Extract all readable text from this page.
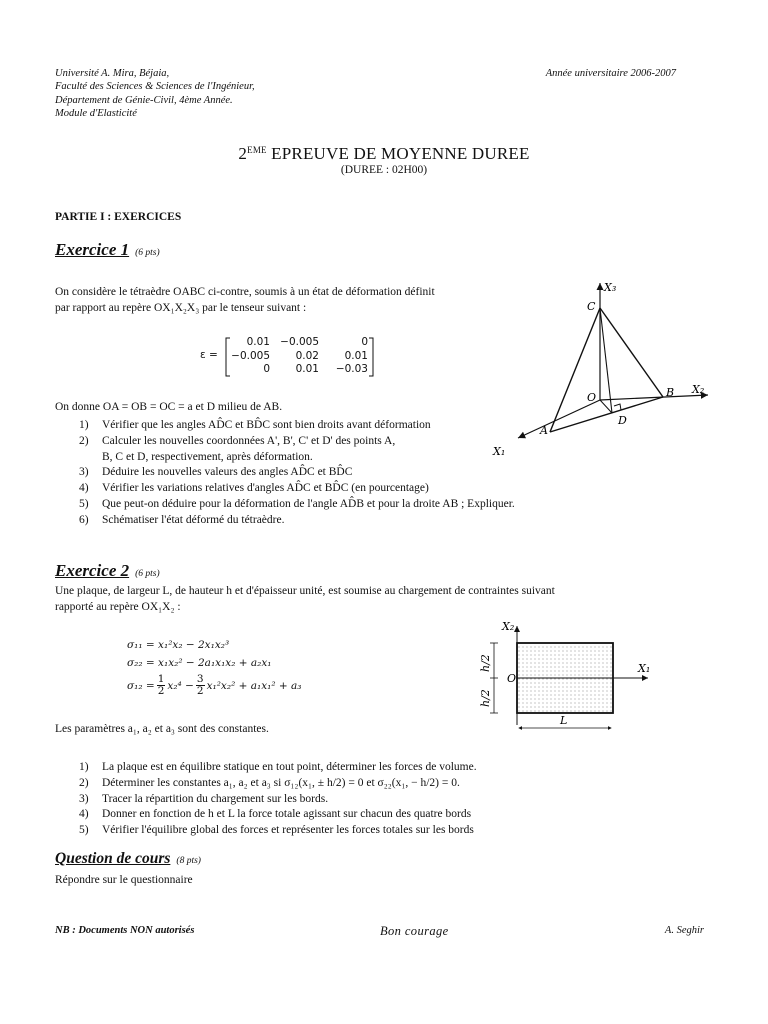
Université A. Mira, Béjaia,
Faculté des Sciences & Sciences de l'Ingénieur,
Département de Génie-Civil, 4ème Année.
Module d'Elasticité
Année universitaire 2006-2007
2EME EPREUVE DE MOYENNE DUREE
(DUREE : 02H00)
PARTIE I : EXERCICES
Exercice 1 (6 pts)
On considère le tétraèdre OABC ci-contre, soumis à un état de déformation définit
par rapport au repère OX₁X₂X₃ par le tenseur suivant :
ε =
0.01 −0.005	0
−0.005	0.02	0.01
0	0.01	−0.03
On donne OA = OB = OC = a et D milieu de AB.
1) Vérifier que les angles AD̂C et BD̂C sont bien droits avant déformation
2) Calculer les nouvelles coordonnées A', B', C' et D' des points A,
B, C et D, respectivement, après déformation.
3) Déduire les nouvelles valeurs des angles AD̂C et BD̂C
4) Vérifier les variations relatives d'angles AD̂C et BD̂C (en pourcentage)
5) Que peut-on déduire pour la déformation de l'angle AD̂B et pour la droite AB ; Expliquer.
6) Schématiser l'état déformé du tétraèdre.
X₃
X₂
X₁
C
O	B
A
D
Exercice 2 (6 pts)
Une plaque, de largeur L, de hauteur h et d'épaisseur unité, est soumise au chargement de contraintes suivant
rapporté au repère OX₁X₂ :
σ₁₁ = x₁²x₂ − 2x₁x₂³
σ₂₂ = x₁x₂² − 2a₁x₁x₂ + a₂x₁
$\sigma_{12} = \frac{1}{2} x_2^4 - \frac{3}{2} x_1^2x_2^2 + a_1x_1^2 + a_3$
X₂
X₁
O
h/2
h/2
L
Les paramètres a₁, a₂ et a₃ sont des constantes.
1) La plaque est en équilibre statique en tout point, déterminer les forces de volume.
2) Déterminer les constantes a₁, a₂ et a₃ si σ₁₂(x₁, ± h/2) = 0 et σ₂₂(x₁, − h/2) = 0.
3) Tracer la répartition du chargement sur les bords.
4) Donner en fonction de h et L la force totale agissant sur chacun des quatre bords
5) Vérifier l'équilibre global des forces et représenter les forces totales sur les bords
Question de cours (8 pts)
Répondre sur le questionnaire
NB : Documents NON autorisés	Bon courage	A. Seghir
